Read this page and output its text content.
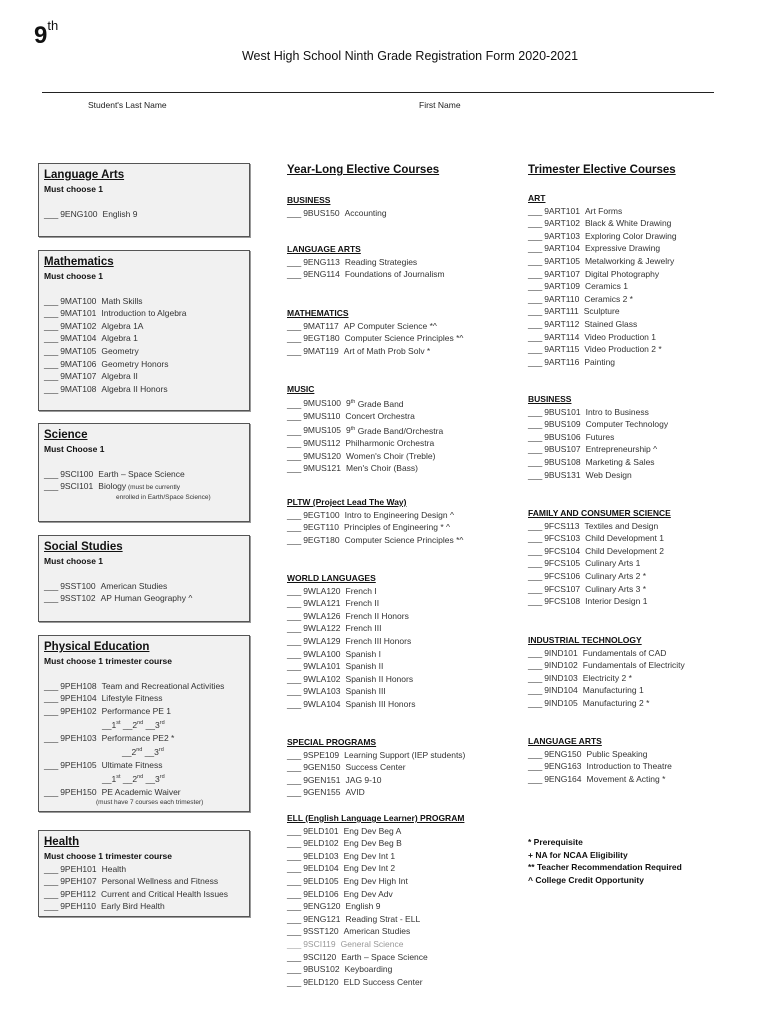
9th
West High School Ninth Grade Registration Form 2020-2021
Student's Last Name	First Name
Language Arts
Must choose 1
___ 9ENG100 English 9
Mathematics
Must choose 1
___ 9MAT100 Math Skills
___ 9MAT101 Introduction to Algebra
___ 9MAT102 Algebra 1A
___ 9MAT104 Algebra 1
___ 9MAT105 Geometry
___ 9MAT106 Geometry Honors
___ 9MAT107 Algebra II
___ 9MAT108 Algebra II Honors
Science
Must Choose 1
___ 9SCI100 Earth – Space Science
___ 9SCI101 Biology (must be currently
enrolled in Earth/Space Science)
Social Studies
Must choose 1
___ 9SST100 American Studies
___ 9SST102 AP Human Geography ^
Physical Education
Must choose 1 trimester course
___ 9PEH108 Team and Recreational Activities
___ 9PEH104 Lifestyle Fitness
___ 9PEH102 Performance PE 1
__1st __2nd __3rd
___ 9PEH103 Performance PE2 *
__2nd __3rd
___ 9PEH105 Ultimate Fitness
__1st __2nd __3rd
___ 9PEH150 PE Academic Waiver
(must have 7 courses each trimester)
Health
Must choose 1 trimester course
___ 9PEH101 Health
___ 9PEH107 Personal Wellness and Fitness
___ 9PEH112 Current and Critical Health Issues
___ 9PEH110 Early Bird Health
Year-Long Elective Courses
BUSINESS
___ 9BUS150 Accounting
LANGUAGE ARTS
___ 9ENG113 Reading Strategies
___ 9ENG114 Foundations of Journalism
MATHEMATICS
___ 9MAT117 AP Computer Science *^
___ 9EGT180 Computer Science Principles *^
___ 9MAT119 Art of Math Prob Solv *
MUSIC
___ 9MUS100 9th Grade Band
___ 9MUS110 Concert Orchestra
___ 9MUS105 9th Grade Band/Orchestra
___ 9MUS112 Philharmonic Orchestra
___ 9MUS120 Women's Choir (Treble)
___ 9MUS121 Men's Choir (Bass)
PLTW (Project Lead The Way)
___ 9EGT100 Intro to Engineering Design ^
___ 9EGT110 Principles of Engineering * ^
___ 9EGT180 Computer Science Principles *^
WORLD LANGUAGES
___ 9WLA120 French I
___ 9WLA121 French II
___ 9WLA126 French II Honors
___ 9WLA122 French III
___ 9WLA129 French III Honors
___ 9WLA100 Spanish I
___ 9WLA101 Spanish II
___ 9WLA102 Spanish II Honors
___ 9WLA103 Spanish III
___ 9WLA104 Spanish III Honors
SPECIAL PROGRAMS
___ 9SPE109 Learning Support (IEP students)
___ 9GEN150 Success Center
___ 9GEN151 JAG 9-10
___ 9GEN155 AVID
ELL (English Language Learner) PROGRAM
___ 9ELD101 Eng Dev Beg A
___ 9ELD102 Eng Dev Beg B
___ 9ELD103 Eng Dev Int 1
___ 9ELD104 Eng Dev Int 2
___ 9ELD105 Eng Dev High Int
___ 9ELD106 Eng Dev Adv
___ 9ENG120 English 9
___ 9ENG121 Reading Strat - ELL
___ 9SST120 American Studies
___ 9SCI119 General Science
___ 9SCI120 Earth – Space Science
___ 9BUS102 Keyboarding
___ 9ELD120 ELD Success Center
Trimester Elective Courses
ART
___ 9ART101 Art Forms
___ 9ART102 Black & White Drawing
___ 9ART103 Exploring Color Drawing
___ 9ART104 Expressive Drawing
___ 9ART105 Metalworking & Jewelry
___ 9ART107 Digital Photography
___ 9ART109 Ceramics 1
___ 9ART110 Ceramics 2 *
___ 9ART111 Sculpture
___ 9ART112 Stained Glass
___ 9ART114 Video Production 1
___ 9ART115 Video Production 2 *
___ 9ART116 Painting
BUSINESS
___ 9BUS101 Intro to Business
___ 9BUS109 Computer Technology
___ 9BUS106 Futures
___ 9BUS107 Entrepreneurship ^
___ 9BUS108 Marketing & Sales
___ 9BUS131 Web Design
FAMILY AND CONSUMER SCIENCE
___ 9FCS113 Textiles and Design
___ 9FCS103 Child Development 1
___ 9FCS104 Child Development 2
___ 9FCS105 Culinary Arts 1
___ 9FCS106 Culinary Arts 2 *
___ 9FCS107 Culinary Arts 3 *
___ 9FCS108 Interior Design 1
INDUSTRIAL TECHNOLOGY
___ 9IND101 Fundamentals of CAD
___ 9IND102 Fundamentals of Electricity
___ 9IND103 Electricity 2 *
___ 9IND104 Manufacturing 1
___ 9IND105 Manufacturing 2 *
LANGUAGE ARTS
___ 9ENG150 Public Speaking
___ 9ENG163 Introduction to Theatre
___ 9ENG164 Movement & Acting *
* Prerequisite
+ NA for NCAA Eligibility
** Teacher Recommendation Required
^ College Credit Opportunity
